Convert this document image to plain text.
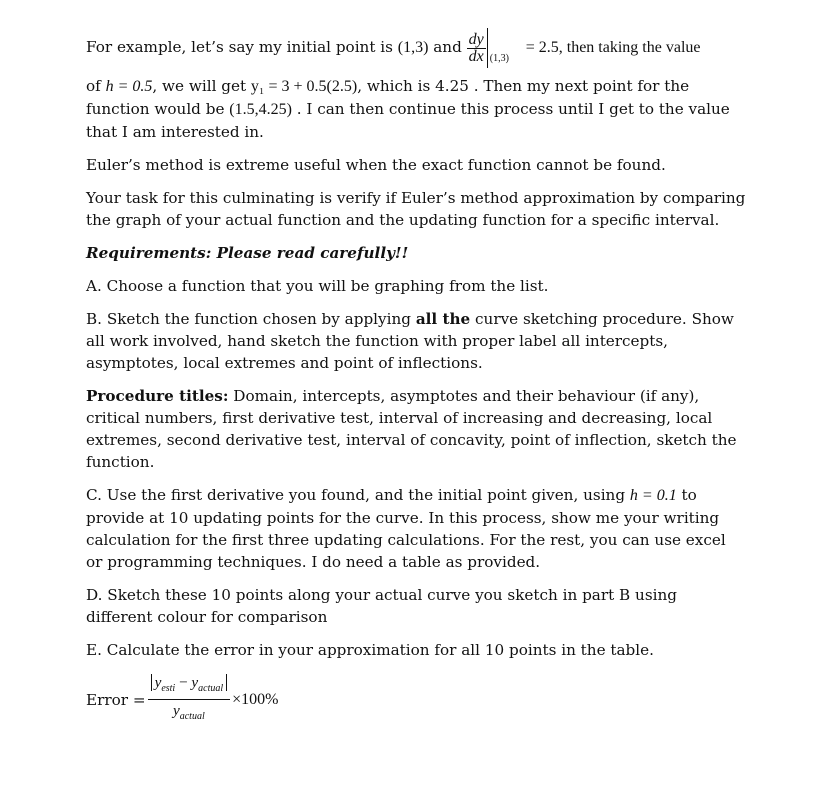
For example, let’s say my initial point is (1,3) and $\frac{dy}{dx} (1,3)$
= 2.5, then taking the value

of h = 0.5, we will get y₁ = 3 + 0.5(2.5), which is 4.25 . Then my next point for the
function would be (1.5,4.25) . I can then continue this process until I get to the value
that I am interested in.

Euler’s method is extreme useful when the exact function cannot be found.

Your task for this culminating is verify if Euler’s method approximation by comparing the graph of your actual function and the updating function for a specific interval.

Requirements: Please read carefully!!

A. Choose a function that you will be graphing from the list.

B. Sketch the function chosen by applying all the curve sketching procedure. Show all work involved, hand sketch the function with proper label all intercepts, asymptotes, local extremes and point of inflections.

Procedure titles: Domain, intercepts, asymptotes and their behaviour (if any), critical numbers, first derivative test, interval of increasing and decreasing, local extremes, second derivative test, interval of concavity, point of inflection, sketch the function.

C. Use the first derivative you found, and the initial point given, using h = 0.1 to provide at 10 updating points for the curve. In this process, show me your writing calculation for the first three updating calculations. For the rest, you can use excel or programming techniques. I do need a table as provided.

D. Sketch these 10 points along your actual curve you sketch in part B using different colour for comparison

E. Calculate the error in your approximation for all 10 points in the table.

Error = $\frac{y_{esti} - y_{actual}}{y_{actual}} \times 100\%$
